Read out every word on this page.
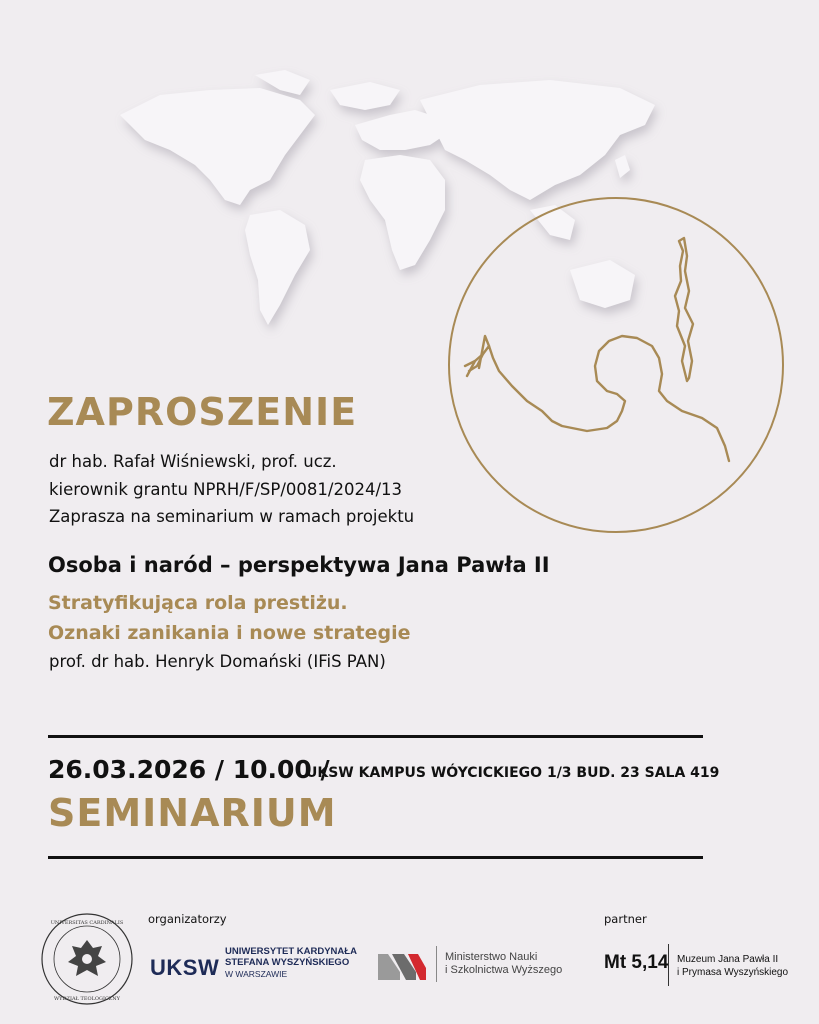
ZAPROSZENIE
dr hab. Rafał Wiśniewski, prof. ucz.
kierownik grantu NPRH/F/SP/0081/2024/13
Zaprasza na seminarium w ramach projektu
Osoba i naród – perspektywa Jana Pawła II
Stratyfikująca rola prestiżu.
Oznaki zanikania i nowe strategie
prof. dr hab. Henryk Domański (IFiS PAN)
26.03.2026 / 10.00 /
UKSW KAMPUS WÓYCICKIEGO 1/3 BUD. 23 SALA 419
SEMINARIUM
UNIVERSITAS CARDINALIS
WYDZIAŁ TEOLOGICZNY
organizatorzy
UKSW
UNIWERSYTET KARDYNAŁA
STEFANA WYSZYŃSKIEGO
W WARSZAWIE
Ministerstwo Nauki
i Szkolnictwa Wyższego
partner
Mt 5,14 Muzeum Jana Pawła II
i Prymasa Wyszyńskiego
